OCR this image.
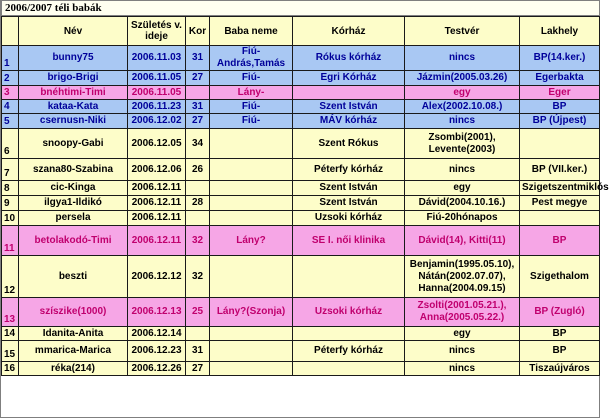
2006/2007 téli babák
	Név	Születés v. ideje	Kor	Baba neme	Kórház	Testvér	Lakhely
1	bunny75	2006.11.03	31	Fiú-András,Tamás	Rókus kórház	nincs	BP(14.ker.)
2	brigo-Brigi	2006.11.05	27	Fiú-	Egri Kórház	Jázmin(2005.03.26)	Egerbakta
3	bnéhtimi-Timi	2006.11.05		Lány-		egy	Eger
4	kataa-Kata	2006.11.23	31	Fiú-	Szent István	Alex(2002.10.08.)	BP
5	csernusn-Niki	2006.12.02	27	Fiú-	MÁV kórház	nincs	BP (Újpest)
6	snoopy-Gabi	2006.12.05	34		Szent Rókus	Zsombi(2001), Levente(2003)	
7	szana80-Szabina	2006.12.06	26		Péterfy kórház	nincs	BP (VII.ker.)
8	cic-Kinga	2006.12.11			Szent István	egy	Szigetszentmiklós
9	ilgya1-Ildikó	2006.12.11	28		Szent István	Dávid(2004.10.16.)	Pest megye
10	persela	2006.12.11			Uzsoki kórház	Fiú-20hónapos	
11	betolakodó-Timi	2006.12.11	32	Lány?	SE I. női klinika	Dávid(14), Kitti(11)	BP
12	beszti	2006.12.12	32			Benjamin(1995.05.10), Nátán(2002.07.07), Hanna(2004.09.15)	Szigethalom
13	szíszike(1000)	2006.12.13	25	Lány?(Szonja)	Uzsoki kórház	Zsolti(2001.05.21.), Anna(2005.05.22.)	BP (Zugló)
14	Idanita-Anita	2006.12.14				egy	BP
15	mmarica-Marica	2006.12.23	31		Péterfy kórház	nincs	BP
16	réka(214)	2006.12.26	27			nincs	Tiszaújváros
